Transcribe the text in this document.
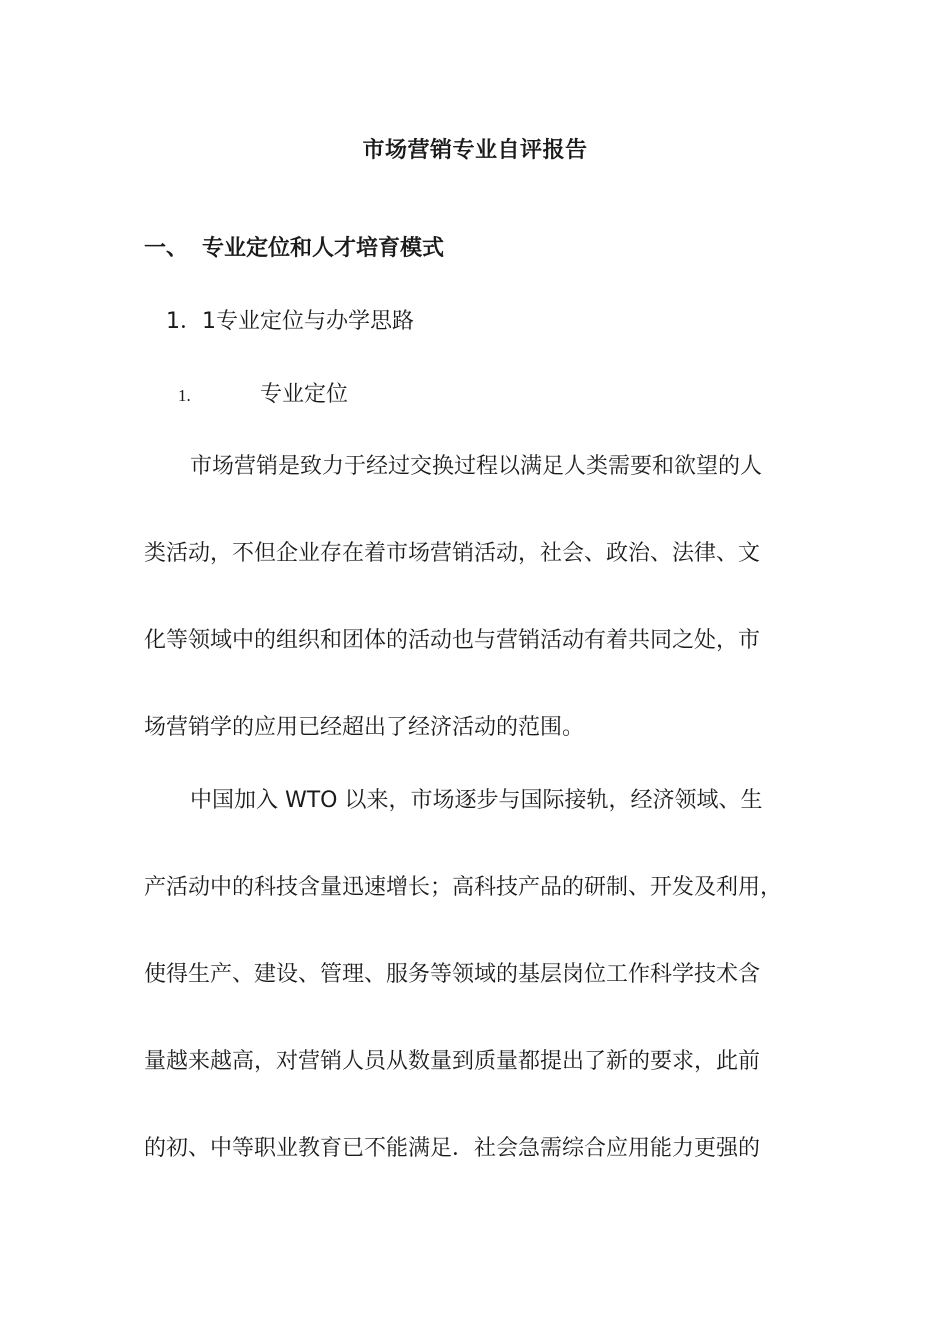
市场营销专业自评报告
一、 专业定位和人才培育模式
1．1专业定位与办学思路
1.	专业定位
市场营销是致力于经过交换过程以满足人类需要和欲望的人
类活动，不但企业存在着市场营销活动，社会、政治、法律、文
化等领域中的组织和团体的活动也与营销活动有着共同之处，市
场营销学的应用已经超出了经济活动的范围。
中国加入 WTO 以来，市场逐步与国际接轨，经济领域、生
产活动中的科技含量迅速增长；高科技产品的研制、开发及利用，
使得生产、建设、管理、服务等领域的基层岗位工作科学技术含
量越来越高，对营销人员从数量到质量都提出了新的要求，此前
的初、中等职业教育已不能满足．社会急需综合应用能力更强的
